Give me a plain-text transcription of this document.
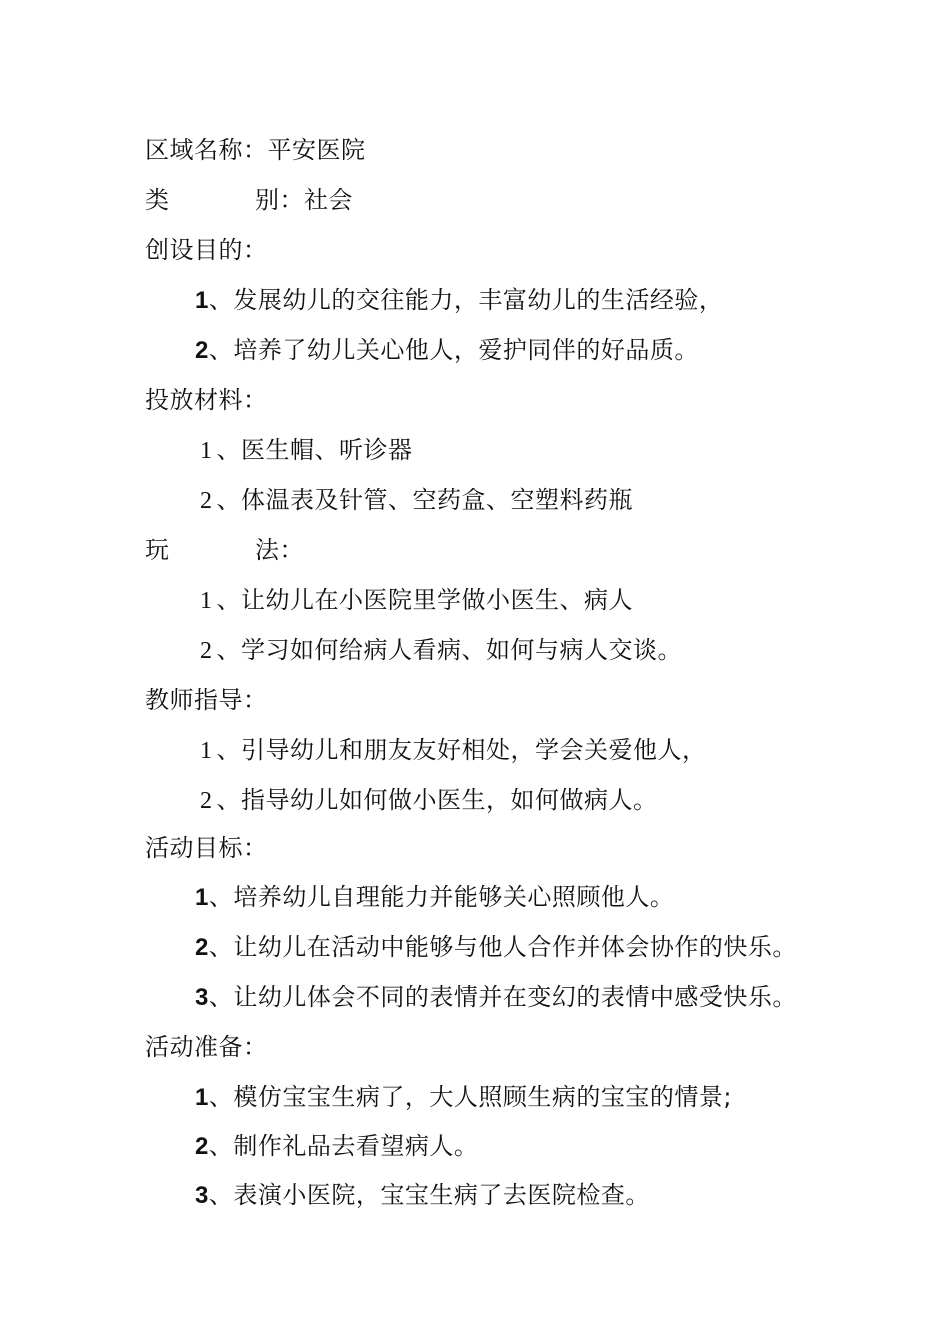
区域名称：平安医院
类	别：社会
创设目的：
1、发展幼儿的交往能力，丰富幼儿的生活经验，
2、培养了幼儿关心他人，爱护同伴的好品质。
投放材料：
1 、医生帽、听诊器
2 、体温表及针管、空药盒、空塑料药瓶
玩	法：
1 、让幼儿在小医院里学做小医生、病人
2 、学习如何给病人看病、如何与病人交谈。
教师指导：
1 、引导幼儿和朋友友好相处，学会关爱他人，
2 、指导幼儿如何做小医生，如何做病人。
活动目标：
1、培养幼儿自理能力并能够关心照顾他人。
2、让幼儿在活动中能够与他人合作并体会协作的快乐。
3、让幼儿体会不同的表情并在变幻的表情中感受快乐。
活动准备：
1、模仿宝宝生病了，大人照顾生病的宝宝的情景;
2、制作礼品去看望病人。
3、表演小医院，宝宝生病了去医院检查。
